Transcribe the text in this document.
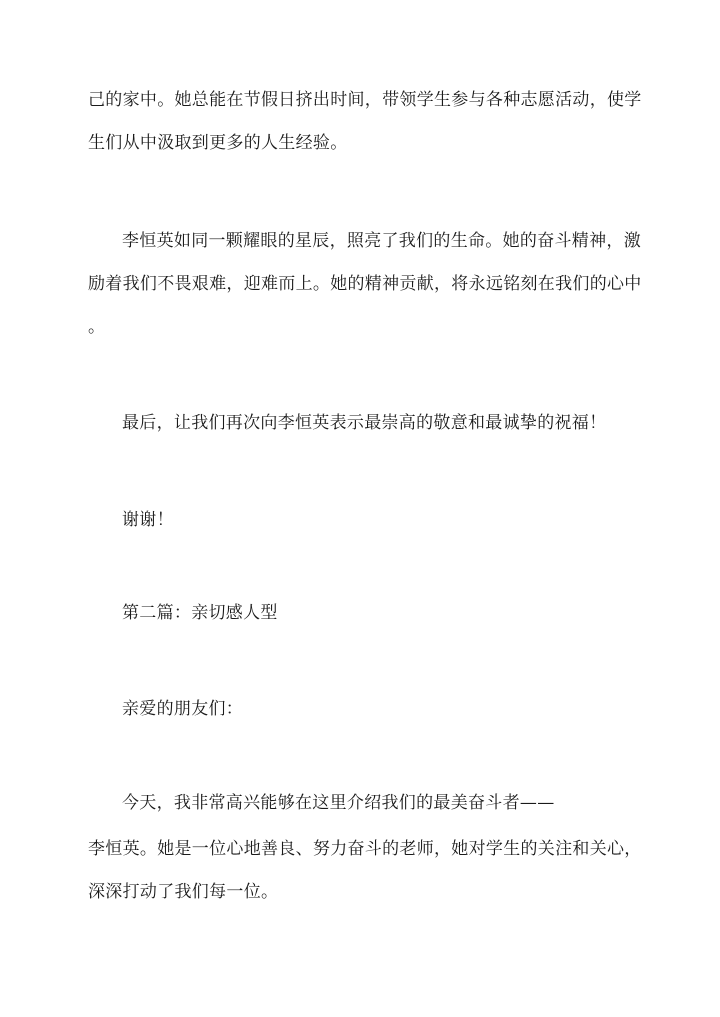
己的家中。她总能在节假日挤出时间，带领学生参与各种志愿活动，使学
生们从中汲取到更多的人生经验。
李恒英如同一颗耀眼的星辰，照亮了我们的生命。她的奋斗精神，激
励着我们不畏艰难，迎难而上。她的精神贡献，将永远铭刻在我们的心中
。
最后，让我们再次向李恒英表示最崇高的敬意和最诚挚的祝福！
谢谢！
第二篇：亲切感人型
亲爱的朋友们：
今天，我非常高兴能够在这里介绍我们的最美奋斗者——
李恒英。她是一位心地善良、努力奋斗的老师，她对学生的关注和关心，
深深打动了我们每一位。
